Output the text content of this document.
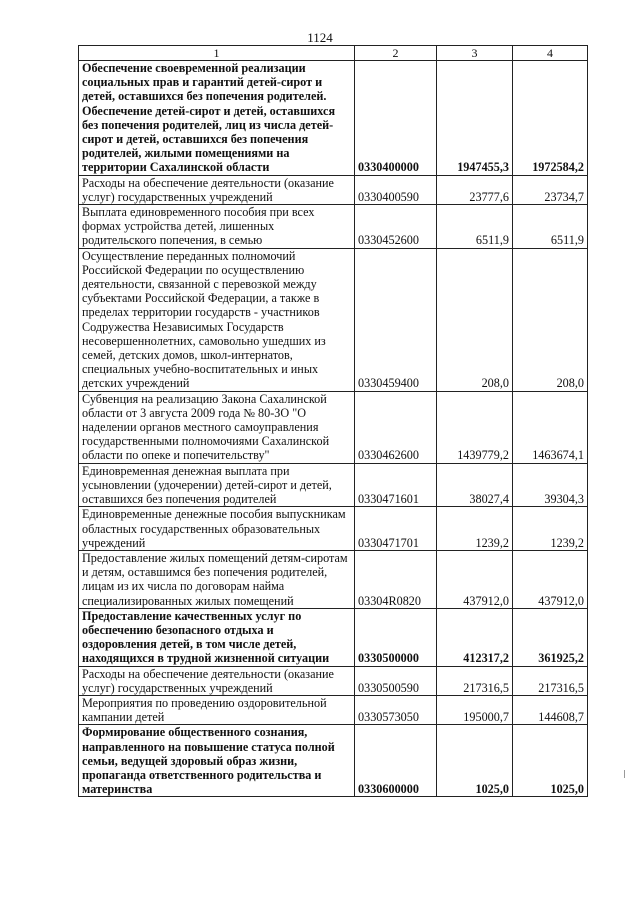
1124
1	2	3	4
Обеспечение своевременной реализации социальных прав и гарантий детей-сирот и детей, оставшихся без попечения родителей. Обеспечение детей-сирот и детей, оставшихся без попечения родителей, лиц из числа детей-сирот и детей, оставшихся без попечения родителей, жилыми помещениями на территории Сахалинской области	0330400000	1947455,3	1972584,2
Расходы на обеспечение деятельности (оказание услуг) государственных учреждений	0330400590	23777,6	23734,7
Выплата единовременного пособия при всех формах устройства детей, лишенных родительского попечения, в семью	0330452600	6511,9	6511,9
Осуществление переданных полномочий Российской Федерации по осуществлению деятельности, связанной с перевозкой между субъектами Российской Федерации, а также в пределах территории государств - участников Содружества Независимых Государств несовершеннолетних, самовольно ушедших из семей, детских домов, школ-интернатов, специальных учебно-воспитательных и иных детских учреждений	0330459400	208,0	208,0
Субвенция на реализацию Закона Сахалинской области от 3 августа 2009 года № 80-ЗО "О наделении органов местного самоуправления государственными полномочиями Сахалинской области по опеке и попечительству"	0330462600	1439779,2	1463674,1
Единовременная денежная выплата при усыновлении (удочерении) детей-сирот и детей, оставшихся без попечения родителей	0330471601	38027,4	39304,3
Единовременные денежные пособия выпускникам областных государственных образовательных учреждений	0330471701	1239,2	1239,2
Предоставление жилых помещений детям-сиротам и детям, оставшимся без попечения родителей, лицам из их числа по договорам найма специализированных жилых помещений	03304R0820	437912,0	437912,0
Предоставление качественных услуг по обеспечению безопасного отдыха и оздоровления детей, в том числе детей, находящихся в трудной жизненной ситуации	0330500000	412317,2	361925,2
Расходы на обеспечение деятельности (оказание услуг) государственных учреждений	0330500590	217316,5	217316,5
Мероприятия по проведению оздоровительной кампании детей	0330573050	195000,7	144608,7
Формирование общественного сознания, направленного на повышение статуса полной семьи, ведущей здоровый образ жизни, пропаганда ответственного родительства и материнства	0330600000	1025,0	1025,0
